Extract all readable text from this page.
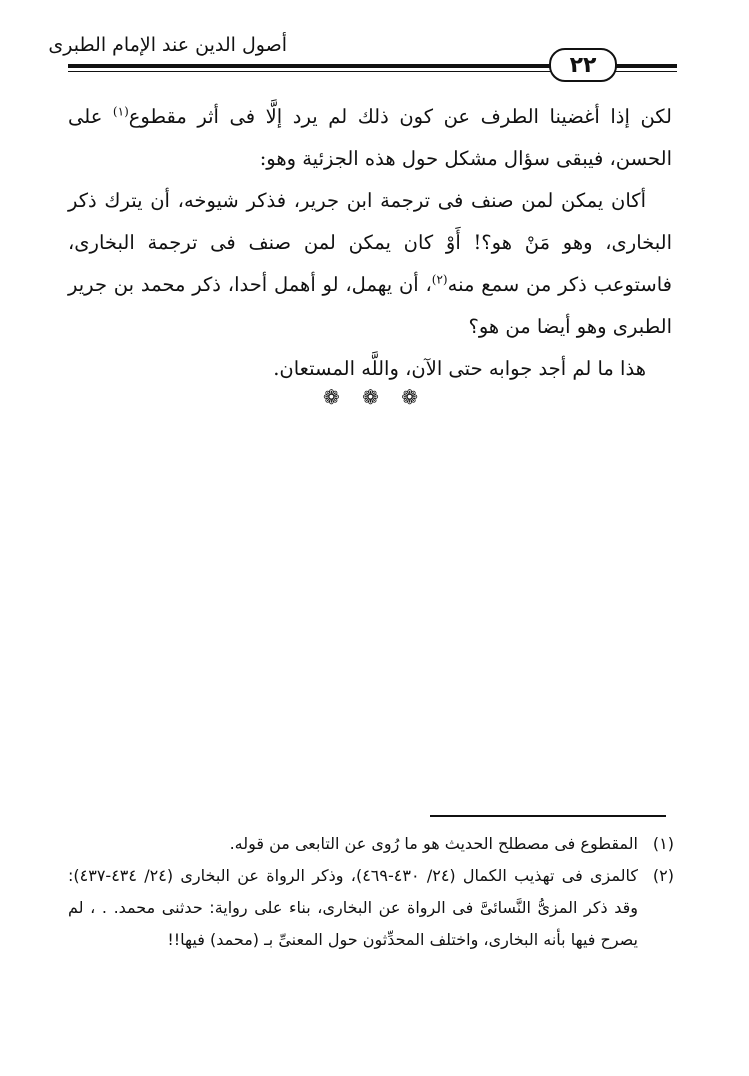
أصول الدين عند الإمام الطبرى
٢٢

لكن إذا أغضينا الطرف عن كون ذلك لم يرد إلَّا فى أثر مقطوع$^{(١)}$ على الحسن، فيبقى سؤال مشكل حول هذه الجزئية وهو:

أكان يمكن لمن صنف فى ترجمة ابن جرير، فذكر شيوخه، أن يترك ذكر البخارى، وهو مَنْ هو؟! أَوْ كان يمكن لمن صنف فى ترجمة البخارى، فاستوعب ذكر من سمع منه$^{(٢)}$، أن يهمل، لو أهمل أحدا، ذكر محمد بن جرير الطبرى وهو أيضا من هو؟

هذا ما لم أجد جوابه حتى الآن، واللَّه المستعان.

❁ ❁ ❁
(١)
المقطوع فى مصطلح الحديث هو ما رُوى عن التابعى من قوله.
(٢)
كالمزى فى تهذيب الكمال (٢٤/ ٤٣٠-٤٦٩)، وذكر الرواة عن البخارى (٢٤/ ٤٣٤-٤٣٧): وقد ذكر المزىُّ النَّسائىَّ فى الرواة عن البخارى، بناء على رواية: حدثنى محمد. . ، لم يصرح فيها بأنه البخارى، واختلف المحدِّثون حول المعنىِّ بـ (محمد) فيها!!
